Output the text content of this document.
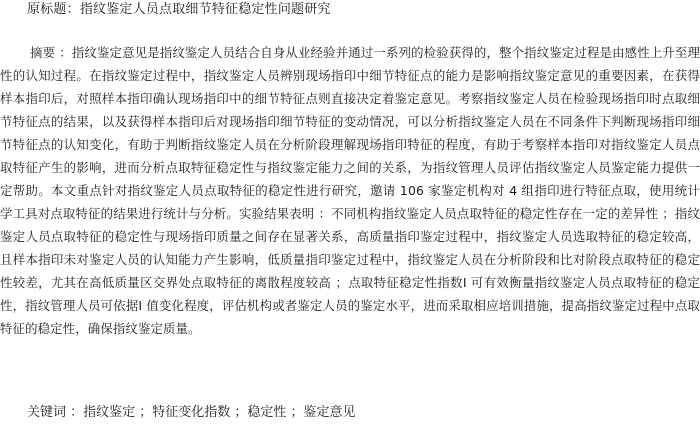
原标题：指纹鉴定人员点取细节特征稳定性问题研究
摘要 ：指纹鉴定意见是指纹鉴定人员结合自身从业经验并通过一系列的检验获得的，整个指纹鉴定过程是由感性上升至理性的认知过程。在指纹鉴定过程中，指纹鉴定人员辨别现场指印中细节特征点的能力是影响指纹鉴定意见的重要因素，在获得样本指印后，对照样本指印确认现场指印中的细节特征点则直接决定着鉴定意见。考察指纹鉴定人员在检验现场指印时点取细节特征点的结果，以及获得样本指印后对现场指印细节特征的变动情况，可以分析指纹鉴定人员在不同条件下判断现场指印细节特征点的认知变化，有助于判断指纹鉴定人员在分析阶段理解现场指印特征的程度，有助于考察样本指印对指纹鉴定人员点取特征产生的影响，进而分析点取特征稳定性与指纹鉴定能力之间的关系，为指纹管理人员评估指纹鉴定人员鉴定能力提供一定帮助。本文重点针对指纹鉴定人员点取特征的稳定性进行研究，邀请 106 家鉴定机构对 4 组指印进行特征点取，使用统计学工具对点取特征的结果进行统计与分析。实验结果表明 ：不同机构指纹鉴定人员点取特征的稳定性存在一定的差异性 ；指纹鉴定人员点取特征的稳定性与现场指印质量之间存在显著关系，高质量指印鉴定过程中，指纹鉴定人员选取特征的稳定较高，且样本指印未对鉴定人员的认知能力产生影响，低质量指印鉴定过程中，指纹鉴定人员在分析阶段和比对阶段点取特征的稳定性较差，尤其在高低质量区交界处点取特征的离散程度较高 ；点取特征稳定性指数I 可有效衡量指纹鉴定人员点取特征的稳定性，指纹管理人员可依据I 值变化程度，评估机构或者鉴定人员的鉴定水平，进而采取相应培训措施，提高指纹鉴定过程中点取特征的稳定性，确保指纹鉴定质量。
关键词 ：指纹鉴定 ；特征变化指数 ；稳定性 ；鉴定意见
